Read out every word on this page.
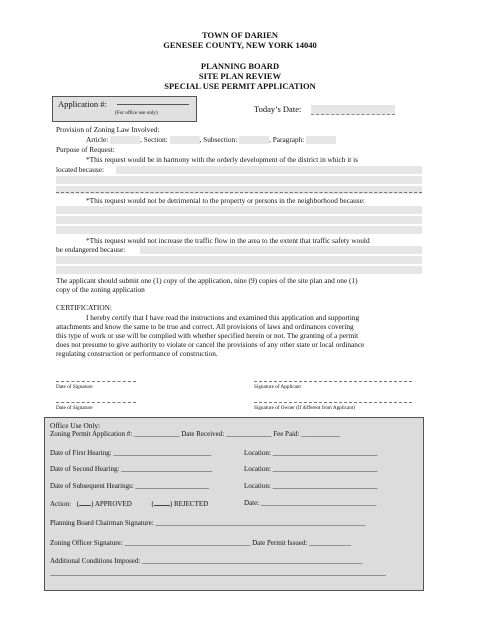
TOWN OF DARIEN
GENESEE COUNTY, NEW YORK 14040
PLANNING BOARD
SITE PLAN REVIEW
SPECIAL USE PERMIT APPLICATION
Application #:
(For office use only)	Today’s Date:
Provision of Zoning Law Involved:
Article:	, Section:	, Subsection:	, Paragraph:
Purpose of Request:
*This request would be in harmony with the orderly development of the district in which it is
located because:
*This request would not be detrimental to the property or persons in the neighborhood because:
*This request would not increase the traffic flow in the area to the extent that traffic safety would
be endangered because:
The applicant should submit one (1) copy of the application, nine (9) copies of the site plan and one (1)
copy of the zoning application
CERTIFICATION:
I hereby certify that I have read the instructions and examined this application and supporting
attachments and know the same to be true and correct. All provisions of laws and ordinances covering
this type of work or use will be complied with whether specified herein or not. The granting of a permit
does not presume to give authority to violate or cancel the provisions of any other state or local ordinance
regulating construction or performance of construction.
Date of Signature	Signature of Applicant
Date of Signature	Signature of Owner (If different from Applicant)
Office Use Only:
Zoning Permit Application #: _____________ Date Received: _____________ Fee Paid: ___________
Date of First Hearing: ____________________________	Location: ______________________________
Date of Second Hearing: __________________________	Location: ______________________________
Date of Subsequent Hearings: _____________________	Location: ______________________________
Action: ( ) APPROVED	( ) REJECTED	Date: _________________________________
Planning Board Chairman Signature: ____________________________________________________________
Zoning Officer Signature: ____________________________________ Date Permit Issued: ____________
Additional Conditions Imposed: _______________________________________________________________
________________________________________________________________________________________________
